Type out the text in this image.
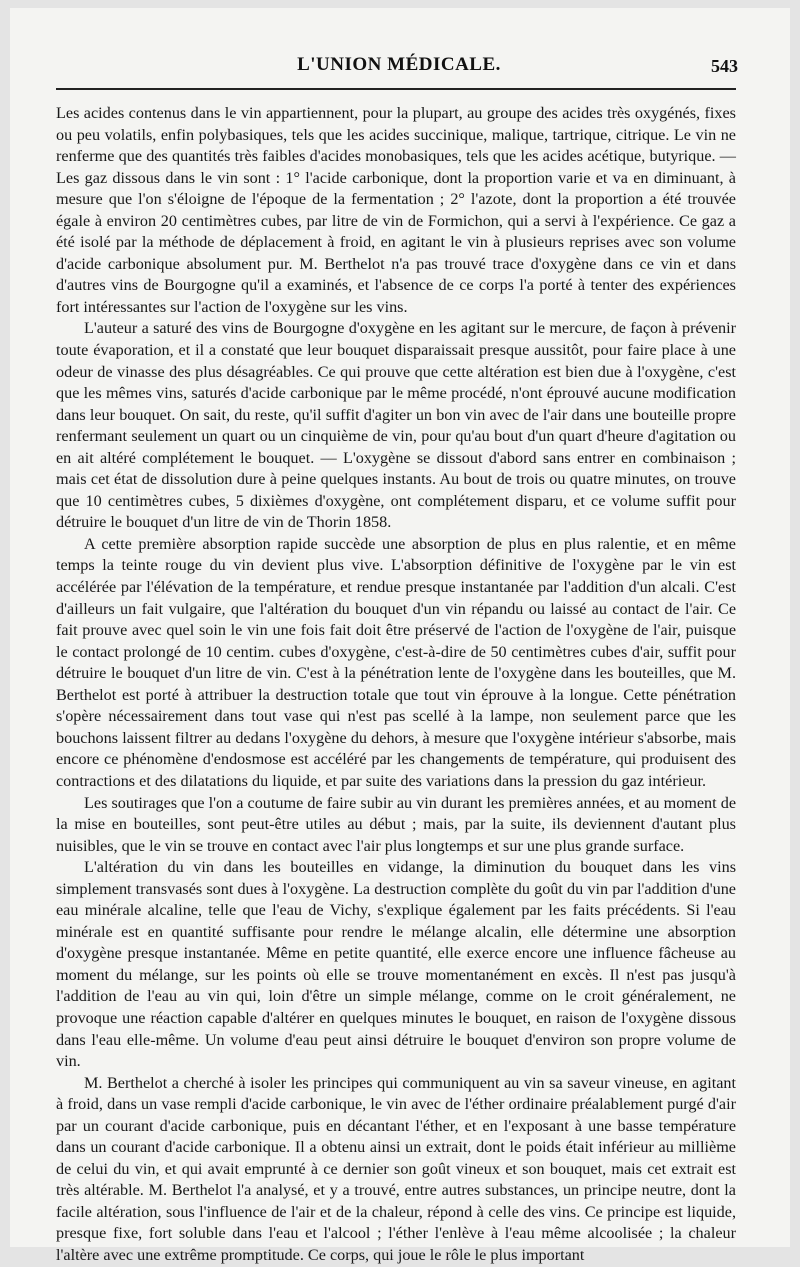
L'UNION MÉDICALE.	543

Les acides contenus dans le vin appartiennent, pour la plupart, au groupe des acides très oxygénés, fixes ou peu volatils, enfin polybasiques, tels que les acides succinique, malique, tartrique, citrique. Le vin ne renferme que des quantités très faibles d'acides monobasiques, tels que les acides acétique, butyrique. — Les gaz dissous dans le vin sont : 1° l'acide carbonique, dont la proportion varie et va en diminuant, à mesure que l'on s'éloigne de l'époque de la fermentation ; 2° l'azote, dont la proportion a été trouvée égale à environ 20 centimètres cubes, par litre de vin de Formichon, qui a servi à l'expérience. Ce gaz a été isolé par la méthode de déplacement à froid, en agitant le vin à plusieurs reprises avec son volume d'acide carbonique absolument pur. M. Berthelot n'a pas trouvé trace d'oxygène dans ce vin et dans d'autres vins de Bourgogne qu'il a examinés, et l'absence de ce corps l'a porté à tenter des expériences fort intéressantes sur l'action de l'oxygène sur les vins.

L'auteur a saturé des vins de Bourgogne d'oxygène en les agitant sur le mercure, de façon à prévenir toute évaporation, et il a constaté que leur bouquet disparaissait presque aussitôt, pour faire place à une odeur de vinasse des plus désagréables. Ce qui prouve que cette altération est bien due à l'oxygène, c'est que les mêmes vins, saturés d'acide carbonique par le même procédé, n'ont éprouvé aucune modification dans leur bouquet. On sait, du reste, qu'il suffit d'agiter un bon vin avec de l'air dans une bouteille propre renfermant seulement un quart ou un cinquième de vin, pour qu'au bout d'un quart d'heure d'agitation ou en ait altéré complétement le bouquet. — L'oxygène se dissout d'abord sans entrer en combinaison ; mais cet état de dissolution dure à peine quelques instants. Au bout de trois ou quatre minutes, on trouve que 10 centimètres cubes, 5 dixièmes d'oxygène, ont complétement disparu, et ce volume suffit pour détruire le bouquet d'un litre de vin de Thorin 1858.

A cette première absorption rapide succède une absorption de plus en plus ralentie, et en même temps la teinte rouge du vin devient plus vive. L'absorption définitive de l'oxygène par le vin est accélérée par l'élévation de la température, et rendue presque instantanée par l'addition d'un alcali. C'est d'ailleurs un fait vulgaire, que l'altération du bouquet d'un vin répandu ou laissé au contact de l'air. Ce fait prouve avec quel soin le vin une fois fait doit être préservé de l'action de l'oxygène de l'air, puisque le contact prolongé de 10 centim. cubes d'oxygène, c'est-à-dire de 50 centimètres cubes d'air, suffit pour détruire le bouquet d'un litre de vin. C'est à la pénétration lente de l'oxygène dans les bouteilles, que M. Berthelot est porté à attribuer la destruction totale que tout vin éprouve à la longue. Cette pénétration s'opère nécessairement dans tout vase qui n'est pas scellé à la lampe, non seulement parce que les bouchons laissent filtrer au dedans l'oxygène du dehors, à mesure que l'oxygène intérieur s'absorbe, mais encore ce phénomène d'endosmose est accéléré par les changements de température, qui produisent des contractions et des dilatations du liquide, et par suite des variations dans la pression du gaz intérieur.

Les soutirages que l'on a coutume de faire subir au vin durant les premières années, et au moment de la mise en bouteilles, sont peut-être utiles au début ; mais, par la suite, ils deviennent d'autant plus nuisibles, que le vin se trouve en contact avec l'air plus longtemps et sur une plus grande surface.

L'altération du vin dans les bouteilles en vidange, la diminution du bouquet dans les vins simplement transvasés sont dues à l'oxygène. La destruction complète du goût du vin par l'addition d'une eau minérale alcaline, telle que l'eau de Vichy, s'explique également par les faits précédents. Si l'eau minérale est en quantité suffisante pour rendre le mélange alcalin, elle détermine une absorption d'oxygène presque instantanée. Même en petite quantité, elle exerce encore une influence fâcheuse au moment du mélange, sur les points où elle se trouve momentanément en excès. Il n'est pas jusqu'à l'addition de l'eau au vin qui, loin d'être un simple mélange, comme on le croit généralement, ne provoque une réaction capable d'altérer en quelques minutes le bouquet, en raison de l'oxygène dissous dans l'eau elle-même. Un volume d'eau peut ainsi détruire le bouquet d'environ son propre volume de vin.

M. Berthelot a cherché à isoler les principes qui communiquent au vin sa saveur vineuse, en agitant à froid, dans un vase rempli d'acide carbonique, le vin avec de l'éther ordinaire préalablement purgé d'air par un courant d'acide carbonique, puis en décantant l'éther, et en l'exposant à une basse température dans un courant d'acide carbonique. Il a obtenu ainsi un extrait, dont le poids était inférieur au millième de celui du vin, et qui avait emprunté à ce dernier son goût vineux et son bouquet, mais cet extrait est très altérable. M. Berthelot l'a analysé, et y a trouvé, entre autres substances, un principe neutre, dont la facile altération, sous l'influence de l'air et de la chaleur, répond à celle des vins. Ce principe est liquide, presque fixe, fort soluble dans l'eau et l'alcool ; l'éther l'enlève à l'eau même alcoolisée ; la chaleur l'altère avec une extrême promptitude. Ce corps, qui joue le rôle le plus important
